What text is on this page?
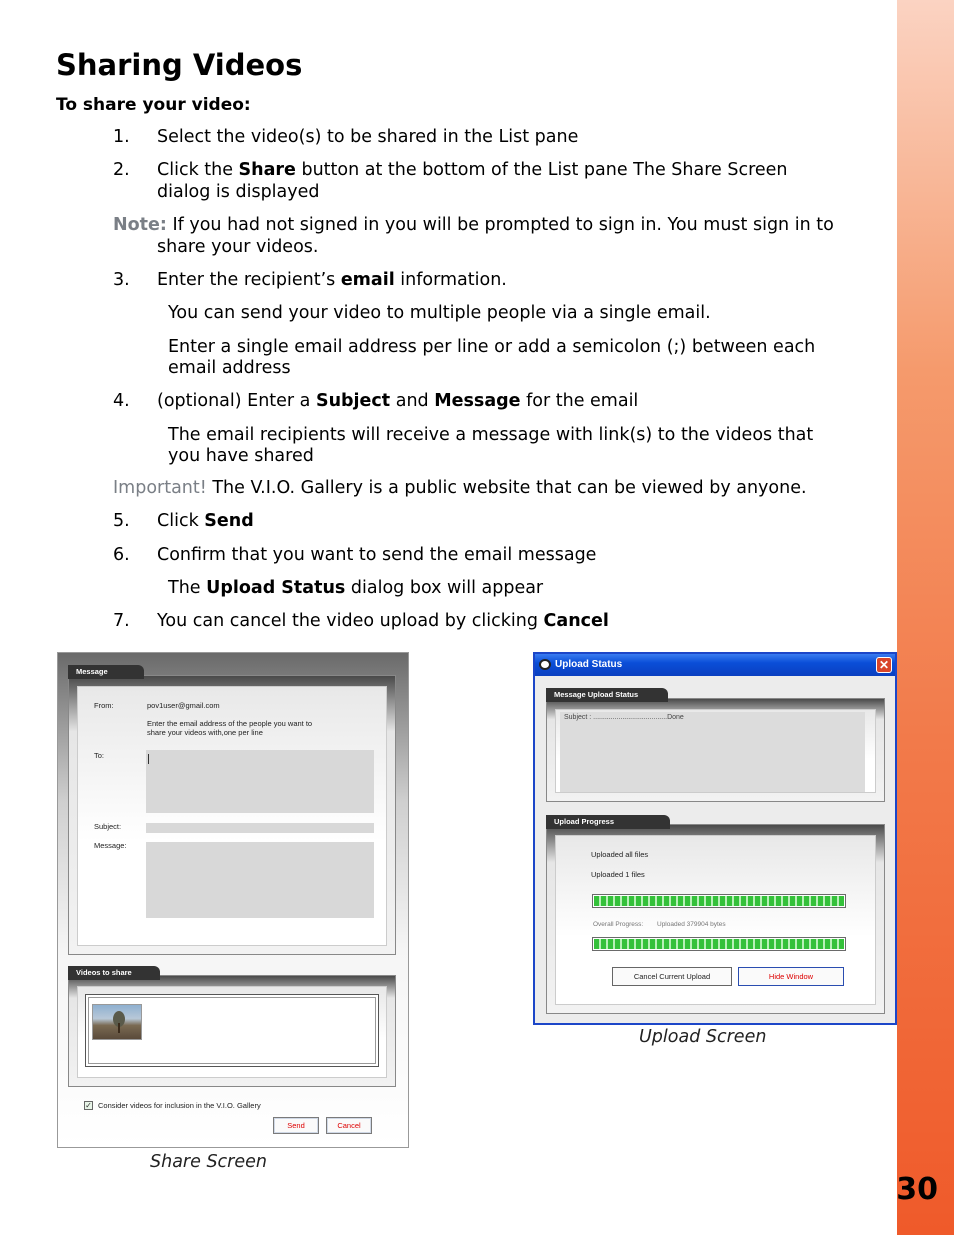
30
Sharing Videos
To share your video:
1. Select the video(s) to be shared in the List pane
2. Click the Share button at the bottom of the List pane The Share Screen
dialog is displayed
Note: If you had not signed in you will be prompted to sign in. You must sign in to
share your videos.
3. Enter the recipient’s email information.
You can send your video to multiple people via a single email.
Enter a single email address per line or add a semicolon (;) between each
email address
4. (optional) Enter a Subject and Message for the email
The email recipients will receive a message with link(s) to the videos that
you have shared
Important! The V.I.O. Gallery is a public website that can be viewed by anyone.
5. Click Send
6. Confirm that you want to send the email message
The Upload Status dialog box will appear
7. You can cancel the video upload by clicking Cancel
Message
From:	pov1user@gmail.com
Enter the email address of the people you want to
share your videos with,one per line
To:
Subject:
Message:
Videos to share
✓ Consider videos for inclusion in the V.I.O. Gallery
Send	Cancel
Share Screen
Upload Status	✕
Message Upload Status
Subject : ......................................Done
Upload Progress
Uploaded all files
Uploaded 1 files
Overall Progress: Uploaded 379904 bytes
Cancel Current Upload	Hide Window
Upload Screen
